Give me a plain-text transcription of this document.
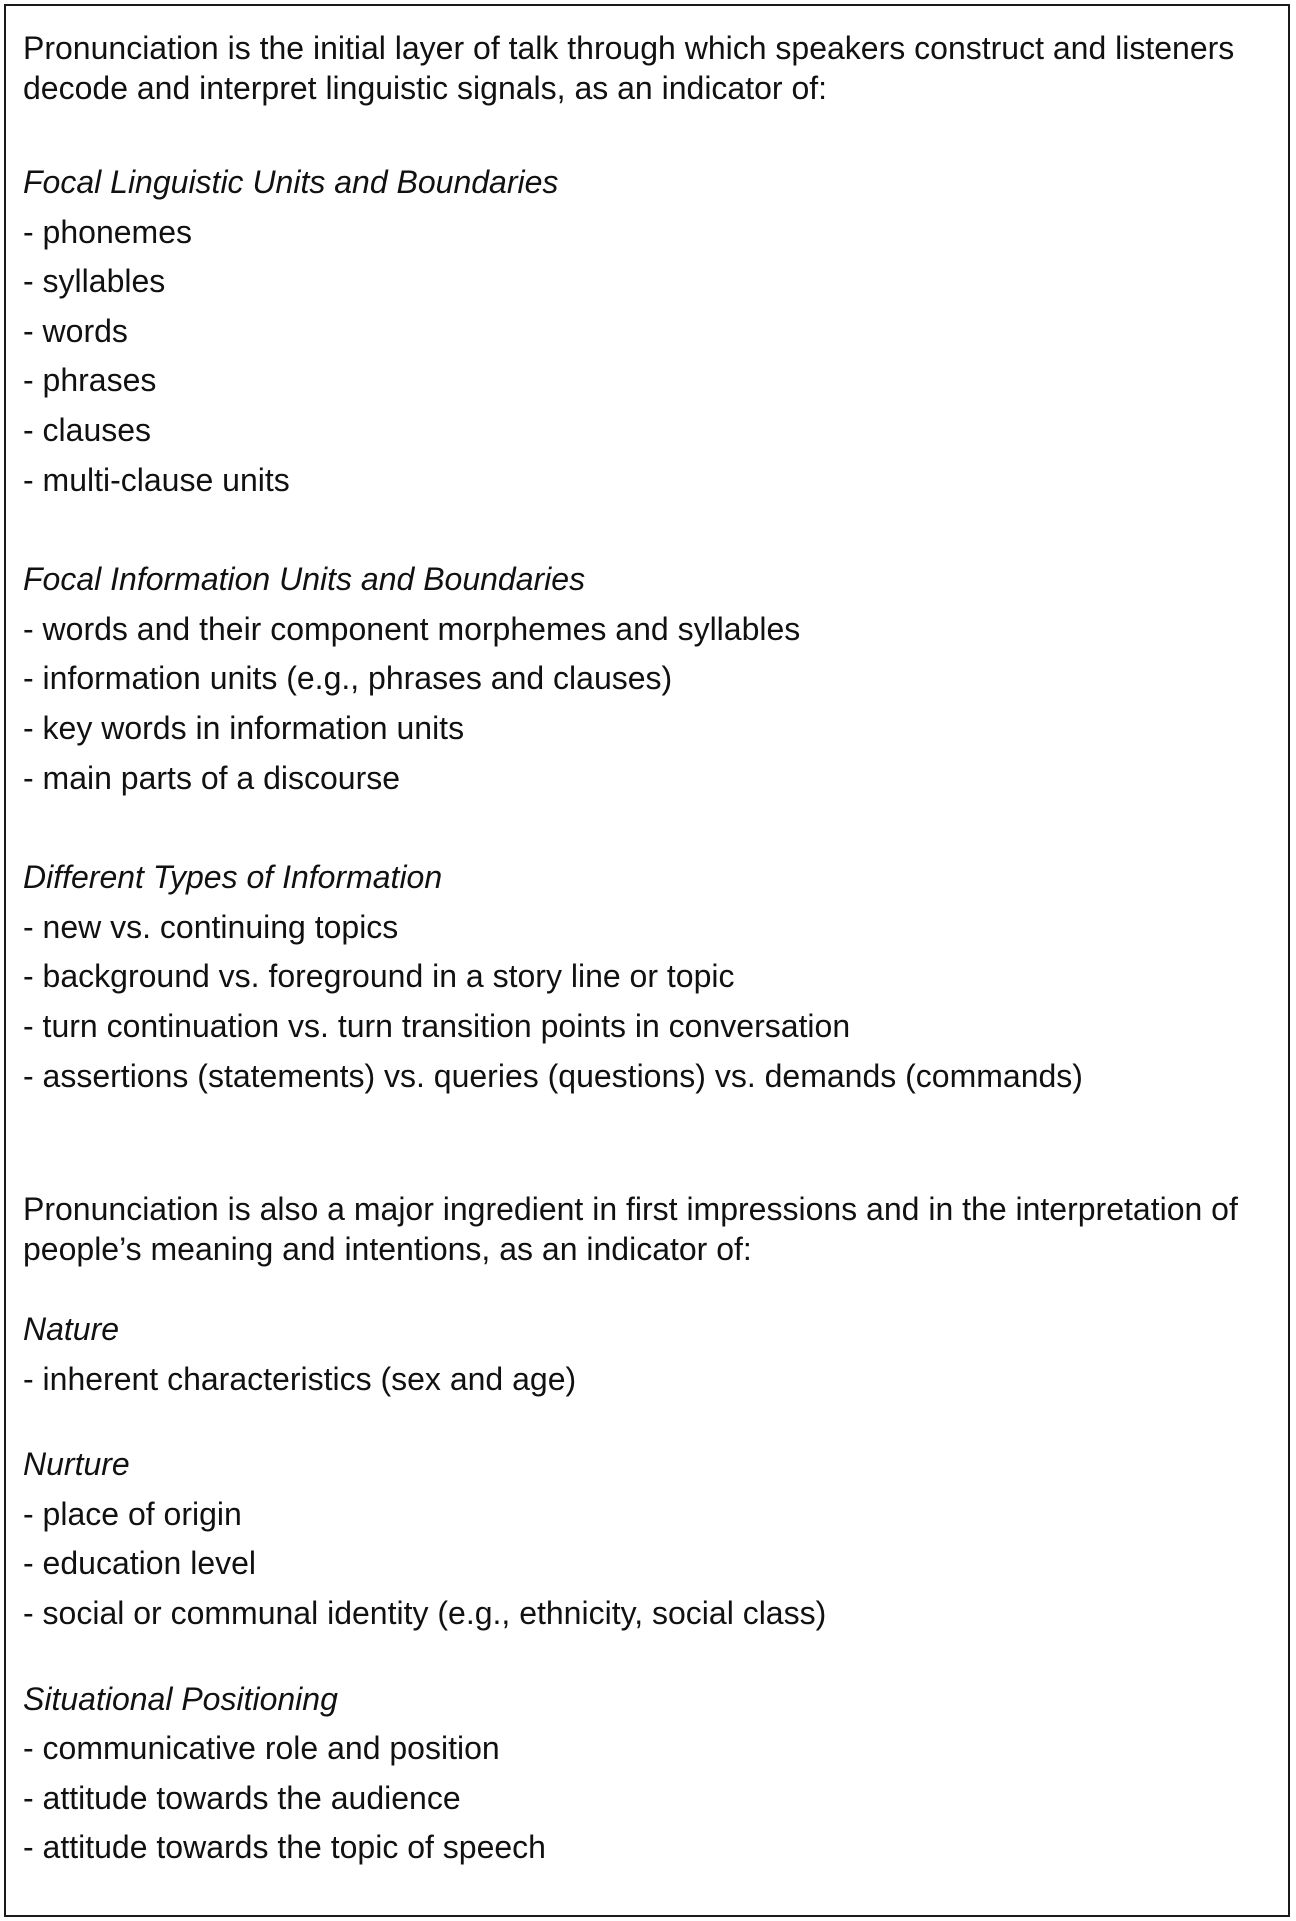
Pronunciation is the initial layer of talk through which speakers construct and listeners decode and interpret linguistic signals, as an indicator of:
Focal Linguistic Units and Boundaries
- phonemes
- syllables
- words
- phrases
- clauses
- multi-clause units
Focal Information Units and Boundaries
- words and their component morphemes and syllables
- information units (e.g., phrases and clauses)
- key words in information units
- main parts of a discourse
Different Types of Information
- new vs. continuing topics
- background vs. foreground in a story line or topic
- turn continuation vs. turn transition points in conversation
- assertions (statements) vs. queries (questions) vs. demands (commands)
Pronunciation is also a major ingredient in first impressions and in the interpretation of people’s meaning and intentions, as an indicator of:
Nature
- inherent characteristics (sex and age)
Nurture
- place of origin
- education level
- social or communal identity (e.g., ethnicity, social class)
Situational Positioning
- communicative role and position
- attitude towards the audience
- attitude towards the topic of speech
